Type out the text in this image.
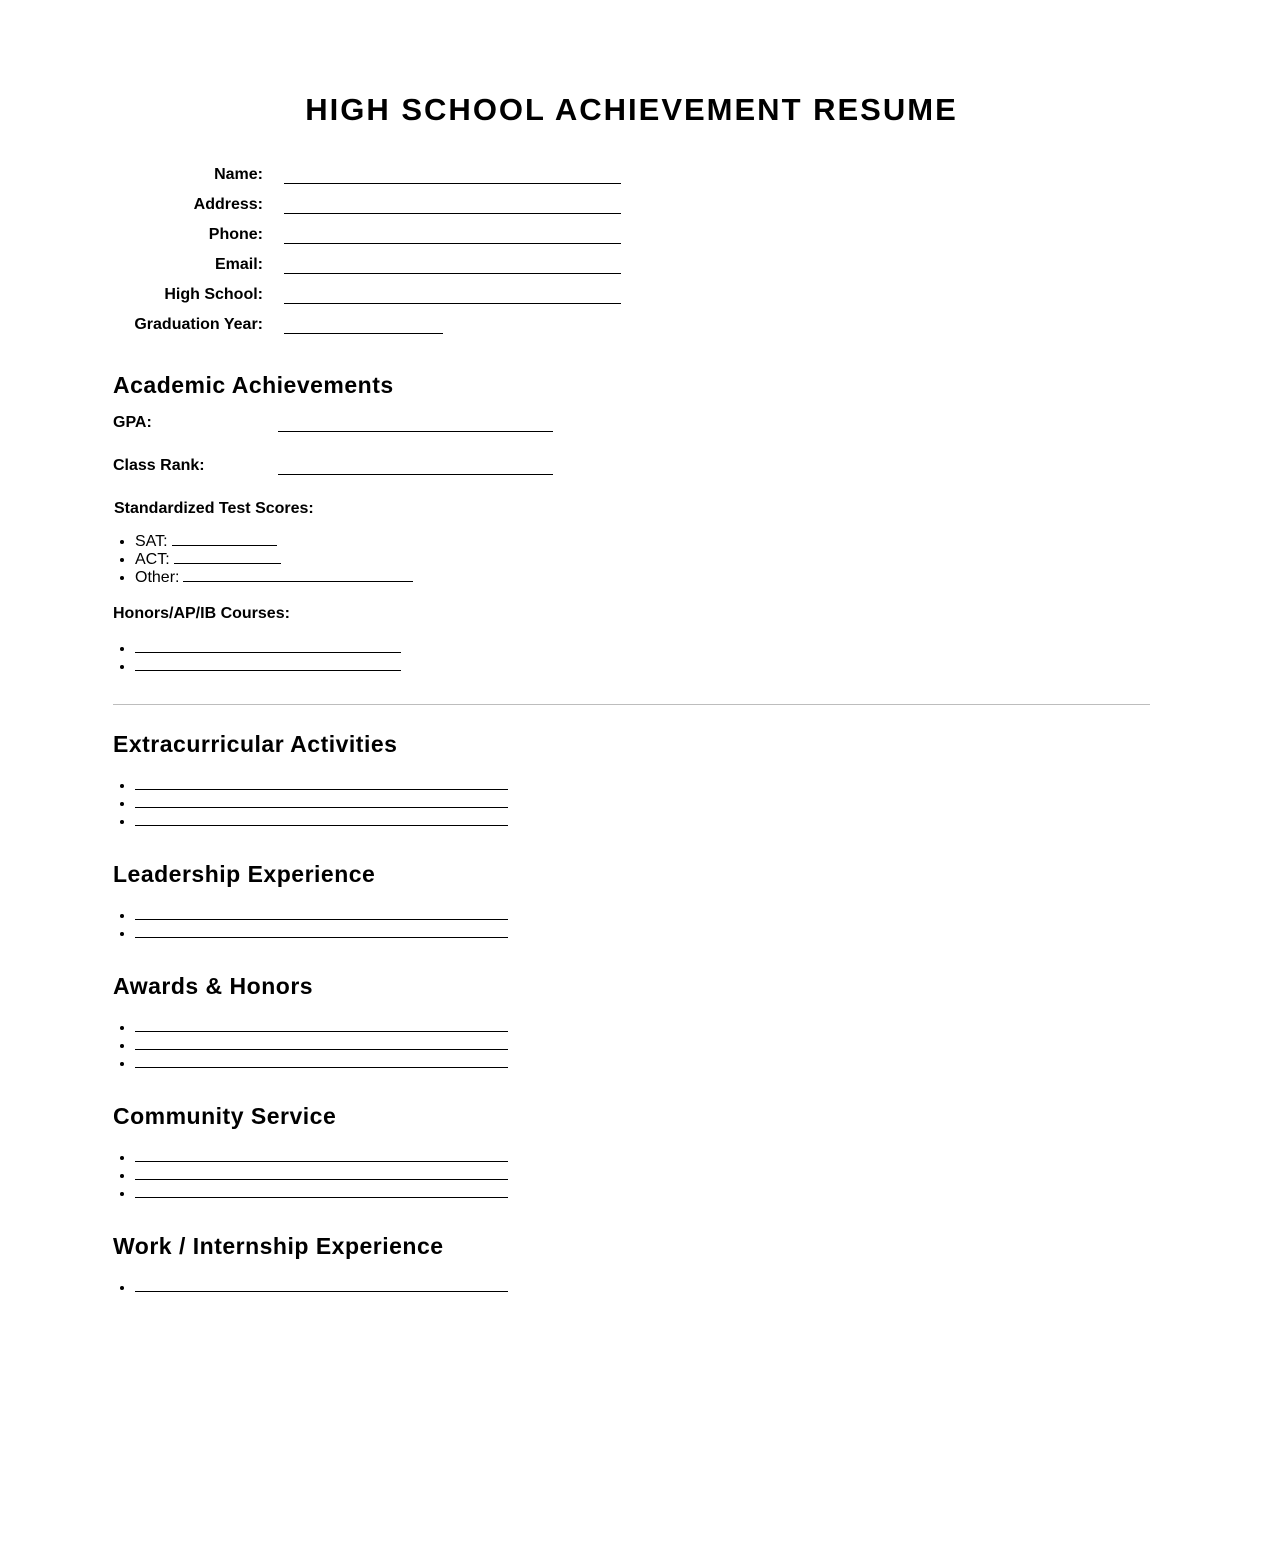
HIGH SCHOOL ACHIEVEMENT RESUME
Name:
Address:
Phone:
Email:
High School:
Graduation Year:
Academic Achievements
GPA:
Class Rank:
Standardized Test Scores:
• SAT:
• ACT:
• Other:
Honors/AP/IB Courses:
•
•
Extracurricular Activities
•
•
•
Leadership Experience
•
•
Awards & Honors
•
•
•
Community Service
•
•
•
Work / Internship Experience
•
